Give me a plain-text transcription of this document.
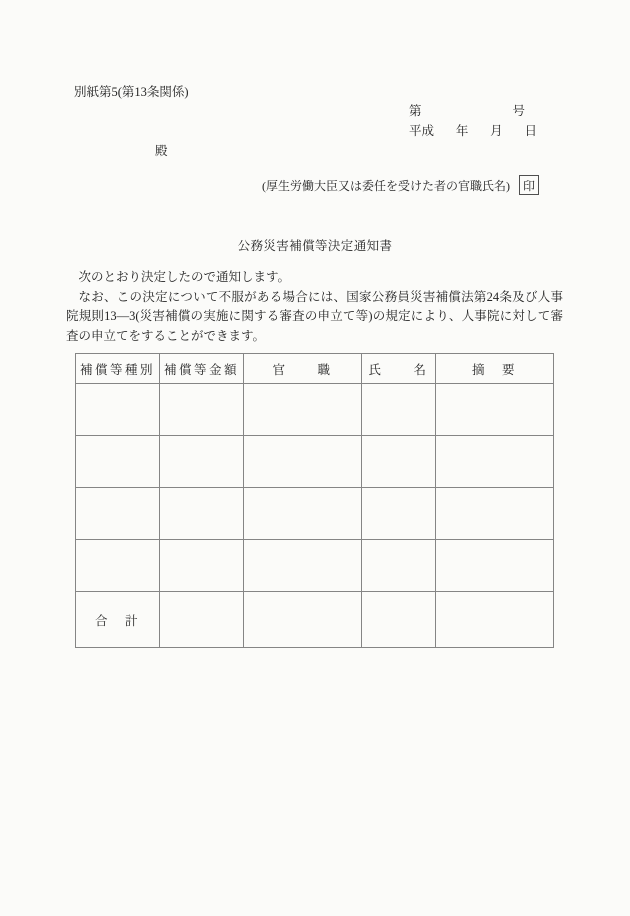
別紙第5(第13条関係)
第	号
平成 年 月 日
殿
(厚生労働大臣又は委任を受けた者の官職氏名) 印
公務災害補償等決定通知書

次のとおり決定したので通知します。

なお、この決定について不服がある場合には、国家公務員災害補償法第24条及び人事院規則13―3(災害補償の実施に関する審査の申立て等)の規定により、人事院に対して審査の申立てをすることができます。

補償等種別	補償等金額	官　　職	氏　　名	摘　要

合　計				
